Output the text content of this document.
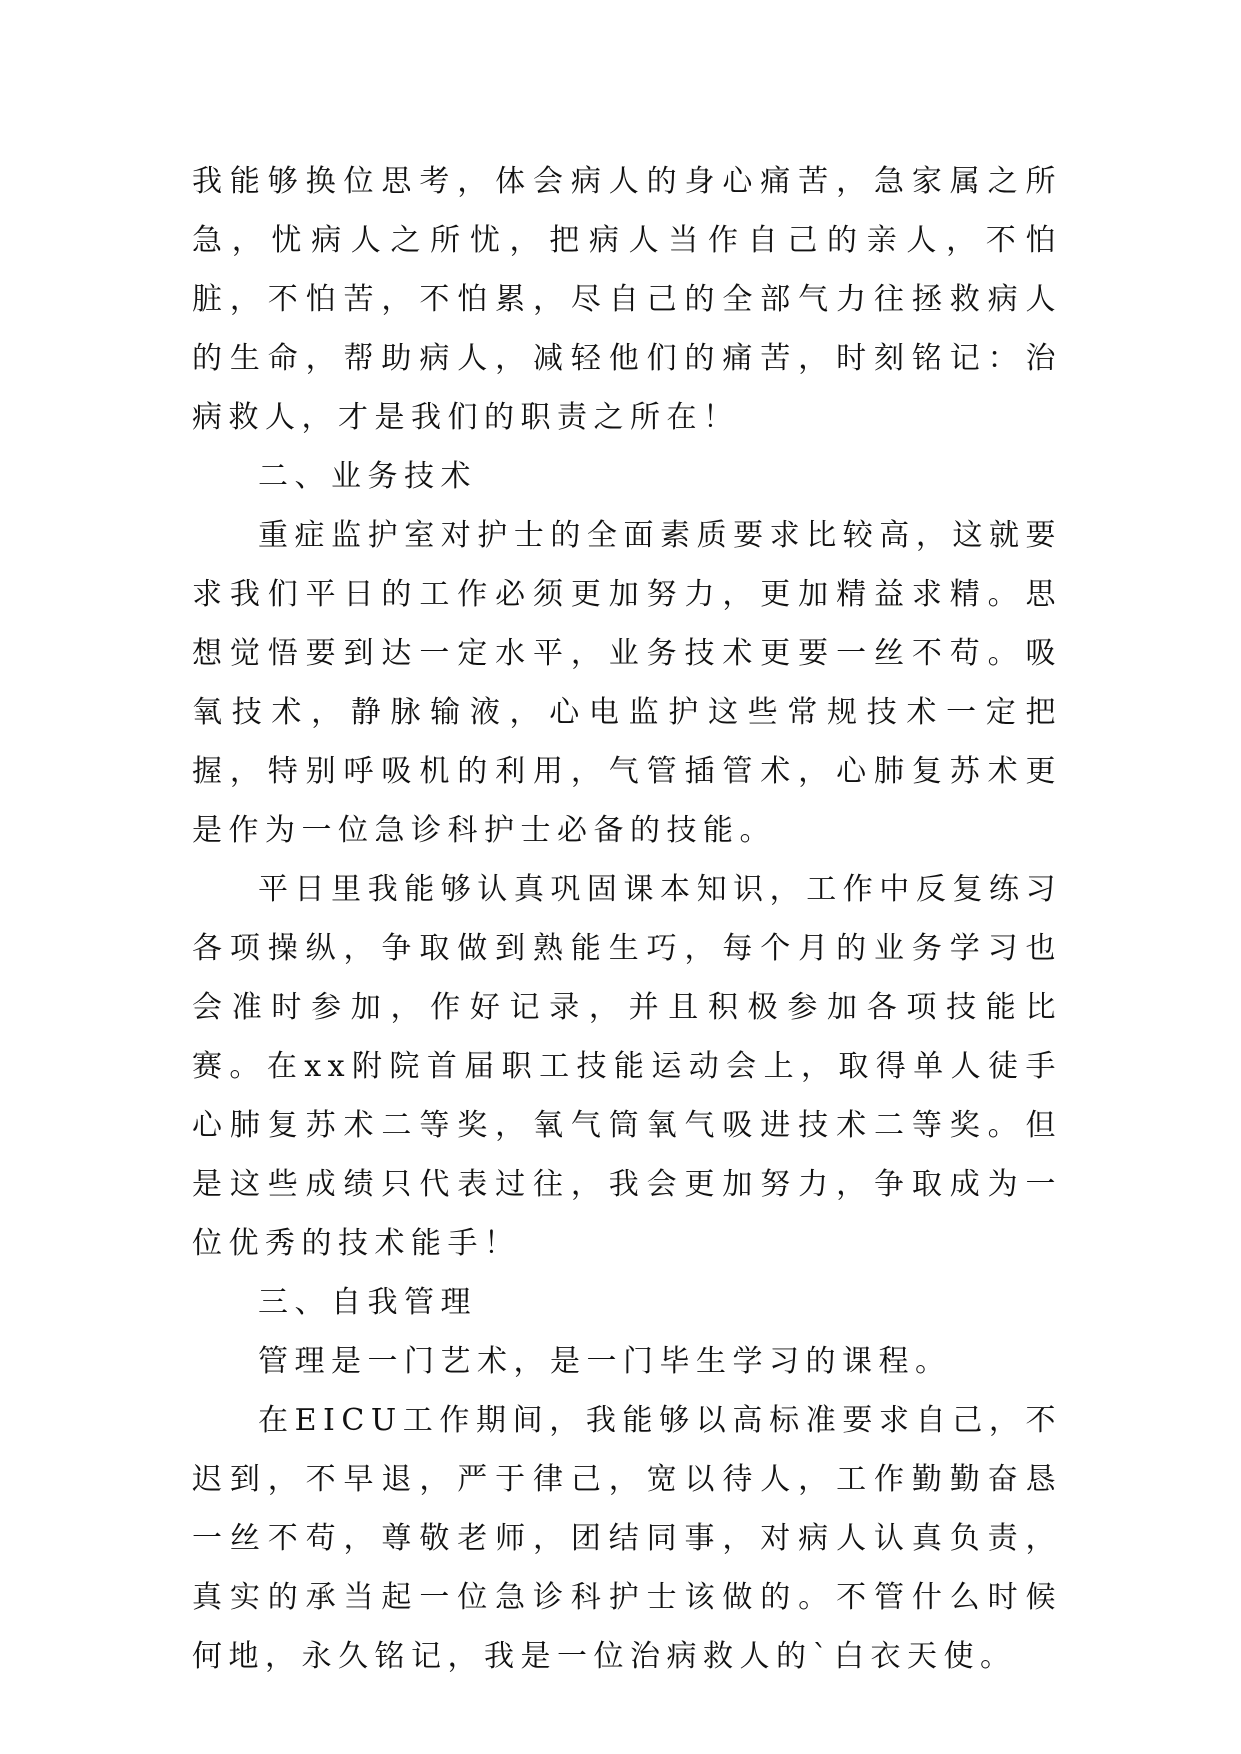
我能够换位思考，体会病人的身心痛苦，急家属之所急，忧病人之所忧，把病人当作自己的亲人，不怕脏，不怕苦，不怕累，尽自己的全部气力往拯救病人的生命，帮助病人，减轻他们的痛苦，时刻铭记：治病救人，才是我们的职责之所在！

二、业务技术

重症监护室对护士的全面素质要求比较高，这就要求我们平日的工作必须更加努力，更加精益求精。思想觉悟要到达一定水平，业务技术更要一丝不苟。吸氧技术，静脉输液，心电监护这些常规技术一定把握，特别呼吸机的利用，气管插管术，心肺复苏术更是作为一位急诊科护士必备的技能。

平日里我能够认真巩固课本知识，工作中反复练习各项操纵，争取做到熟能生巧，每个月的业务学习也会准时参加，作好记录，并且积极参加各项技能比赛。在xx附院首届职工技能运动会上，取得单人徒手心肺复苏术二等奖，氧气筒氧气吸进技术二等奖。但是这些成绩只代表过往，我会更加努力，争取成为一位优秀的技术能手！

三、自我管理

管理是一门艺术，是一门毕生学习的课程。

在EICU工作期间，我能够以高标准要求自己，不迟到，不早退，严于律己，宽以待人，工作勤勤奋恳一丝不苟，尊敬老师，团结同事，对病人认真负责，真实的承当起一位急诊科护士该做的。不管什么时候何地，永久铭记，我是一位治病救人的`白衣天使。
